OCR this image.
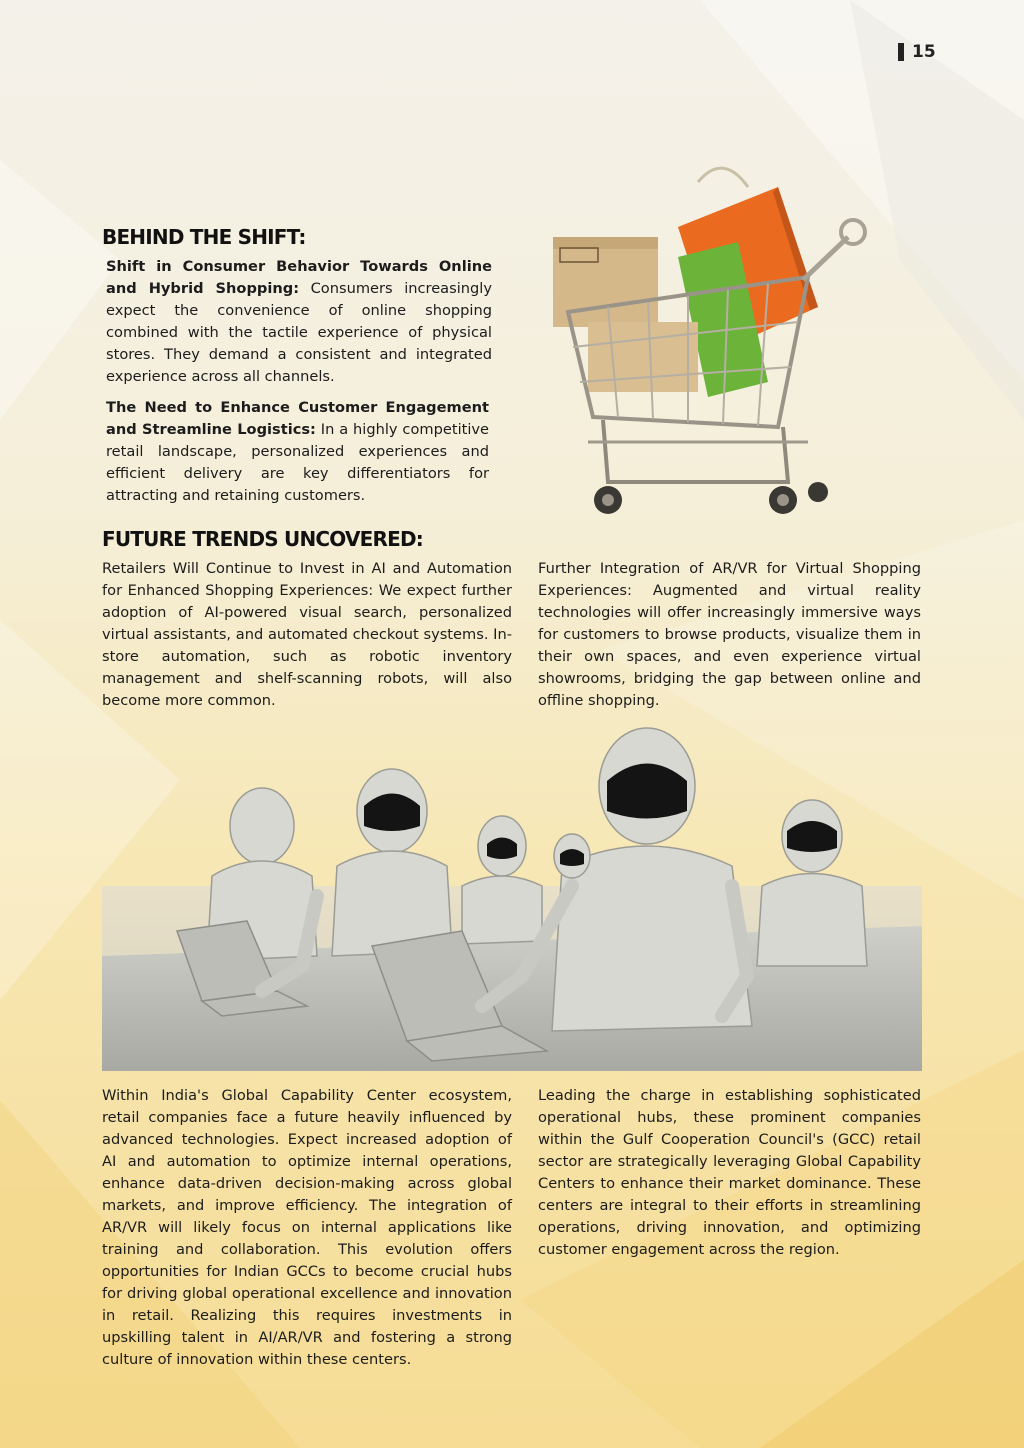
15
BEHIND THE SHIFT:

Shift in Consumer Behavior Towards Online and Hybrid Shopping: Consumers increasingly expect the convenience of online shopping combined with the tactile experience of physical stores. They demand a consistent and integrated experience across all channels.

The Need to Enhance Customer Engagement and Streamline Logistics: In a highly competitive retail landscape, personalized experiences and efficient delivery are key differentiators for attracting and retaining customers.

FUTURE TRENDS UNCOVERED:

Retailers Will Continue to Invest in AI and Automation for Enhanced Shopping Experiences: We expect further adoption of AI-powered visual search, personalized virtual assistants, and automated checkout systems. In-store automation, such as robotic inventory management and shelf-scanning robots, will also become more common.

Further Integration of AR/VR for Virtual Shopping Experiences: Augmented and virtual reality technologies will offer increasingly immersive ways for customers to browse products, visualize them in their own spaces, and even experience virtual showrooms, bridging the gap between online and offline shopping.

Within India's Global Capability Center ecosystem, retail companies face a future heavily influenced by advanced technologies. Expect increased adoption of AI and automation to optimize internal operations, enhance data-driven decision-making across global markets, and improve efficiency. The integration of AR/VR will likely focus on internal applications like training and collaboration. This evolution offers opportunities for Indian GCCs to become crucial hubs for driving global operational excellence and innovation in retail. Realizing this requires investments in upskilling talent in AI/AR/VR and fostering a strong culture of innovation within these centers.

Leading the charge in establishing sophisticated operational hubs, these prominent companies within the Gulf Cooperation Council's (GCC) retail sector are strategically leveraging Global Capability Centers to enhance their market dominance. These centers are integral to their efforts in streamlining operations, driving innovation, and optimizing customer engagement across the region.
